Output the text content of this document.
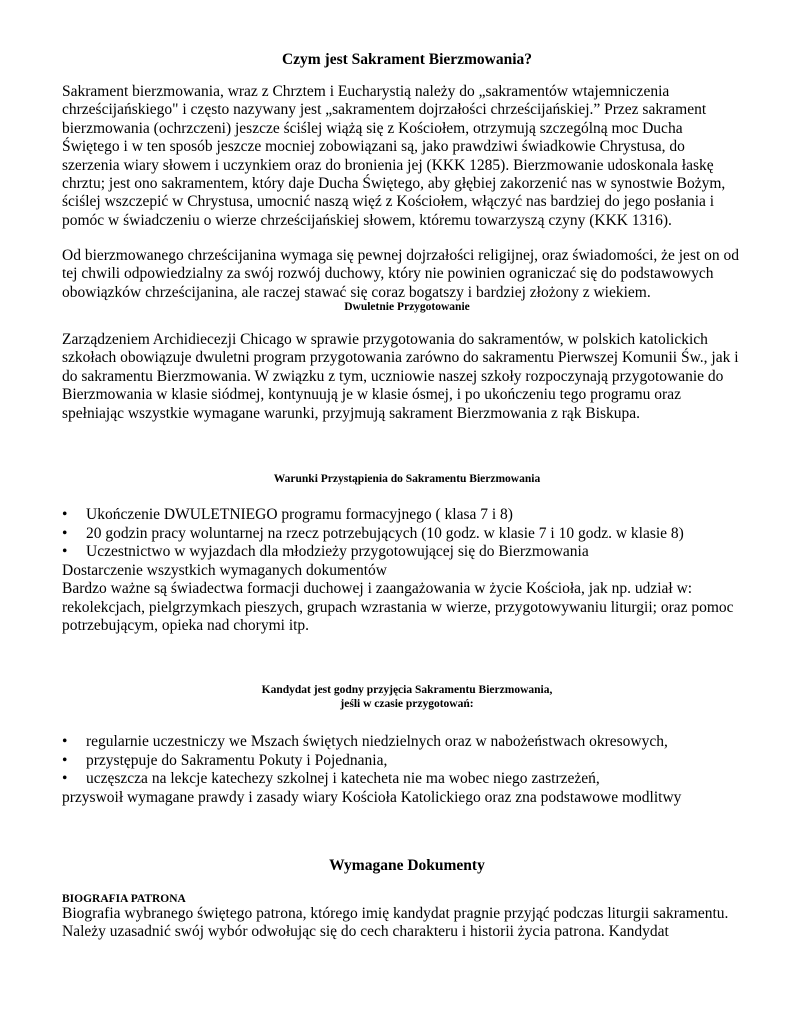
Czym jest Sakrament Bierzmowania?

Sakrament bierzmowania, wraz z Chrztem i Eucharystią należy do „sakramentów wtajemniczenia

chrześcijańskiego" i często nazywany jest „sakramentem dojrzałości chrześcijańskiej.” Przez sakrament

bierzmowania (ochrzczeni) jeszcze ściślej wiążą się z Kościołem, otrzymują szczególną moc Ducha

Świętego i w ten sposób jeszcze mocniej zobowiązani są, jako prawdziwi świadkowie Chrystusa, do

szerzenia wiary słowem i uczynkiem oraz do bronienia jej (KKK 1285). Bierzmowanie udoskonala łaskę

chrztu; jest ono sakramentem, który daje Ducha Świętego, aby głębiej zakorzenić nas w synostwie Bożym,

ściślej wszczepić w Chrystusa, umocnić naszą więź z Kościołem, włączyć nas bardziej do jego posłania i

pomóc w świadczeniu o wierze chrześcijańskiej słowem, któremu towarzyszą czyny (KKK 1316).

Od bierzmowanego chrześcijanina wymaga się pewnej dojrzałości religijnej, oraz świadomości, że jest on od

tej chwili odpowiedzialny za swój rozwój duchowy, który nie powinien ograniczać się do podstawowych

obowiązków chrześcijanina, ale raczej stawać się coraz bogatszy i bardziej złożony z wiekiem.

Dwuletnie Przygotowanie

Zarządzeniem Archidiecezji Chicago w sprawie przygotowania do sakramentów, w polskich katolickich

szkołach obowiązuje dwuletni program przygotowania zarówno do sakramentu Pierwszej Komunii Św., jak i

do sakramentu Bierzmowania. W związku z tym, uczniowie naszej szkoły rozpoczynają przygotowanie do

Bierzmowania w klasie siódmej, kontynuują je w klasie ósmej, i po ukończeniu tego programu oraz

spełniając wszystkie wymagane warunki, przyjmują sakrament Bierzmowania z rąk Biskupa.

Warunki Przystąpienia do Sakramentu Bierzmowania

• Ukończenie DWULETNIEGO programu formacyjnego ( klasa 7 i 8)
• 20 godzin pracy woluntarnej na rzecz potrzebujących (10 godz. w klasie 7 i 10 godz. w klasie 8)
• Uczestnictwo w wyjazdach dla młodzieży przygotowującej się do Bierzmowania

Dostarczenie wszystkich wymaganych dokumentów

Bardzo ważne są świadectwa formacji duchowej i zaangażowania w życie Kościoła, jak np. udział w:

rekolekcjach, pielgrzymkach pieszych, grupach wzrastania w wierze, przygotowywaniu liturgii; oraz pomoc

potrzebującym, opieka nad chorymi itp.

Kandydat jest godny przyjęcia Sakramentu Bierzmowania,

jeśli w czasie przygotowań:

• regularnie uczestniczy we Mszach świętych niedzielnych oraz w nabożeństwach okresowych,
• przystępuje do Sakramentu Pokuty i Pojednania,
• uczęszcza na lekcje katechezy szkolnej i katecheta nie ma wobec niego zastrzeżeń,

przyswoił wymagane prawdy i zasady wiary Kościoła Katolickiego oraz zna podstawowe modlitwy

Wymagane Dokumenty

BIOGRAFIA PATRONA

Biografia wybranego świętego patrona, którego imię kandydat pragnie przyjąć podczas liturgii sakramentu.

Należy uzasadnić swój wybór odwołując się do cech charakteru i historii życia patrona. Kandydat
